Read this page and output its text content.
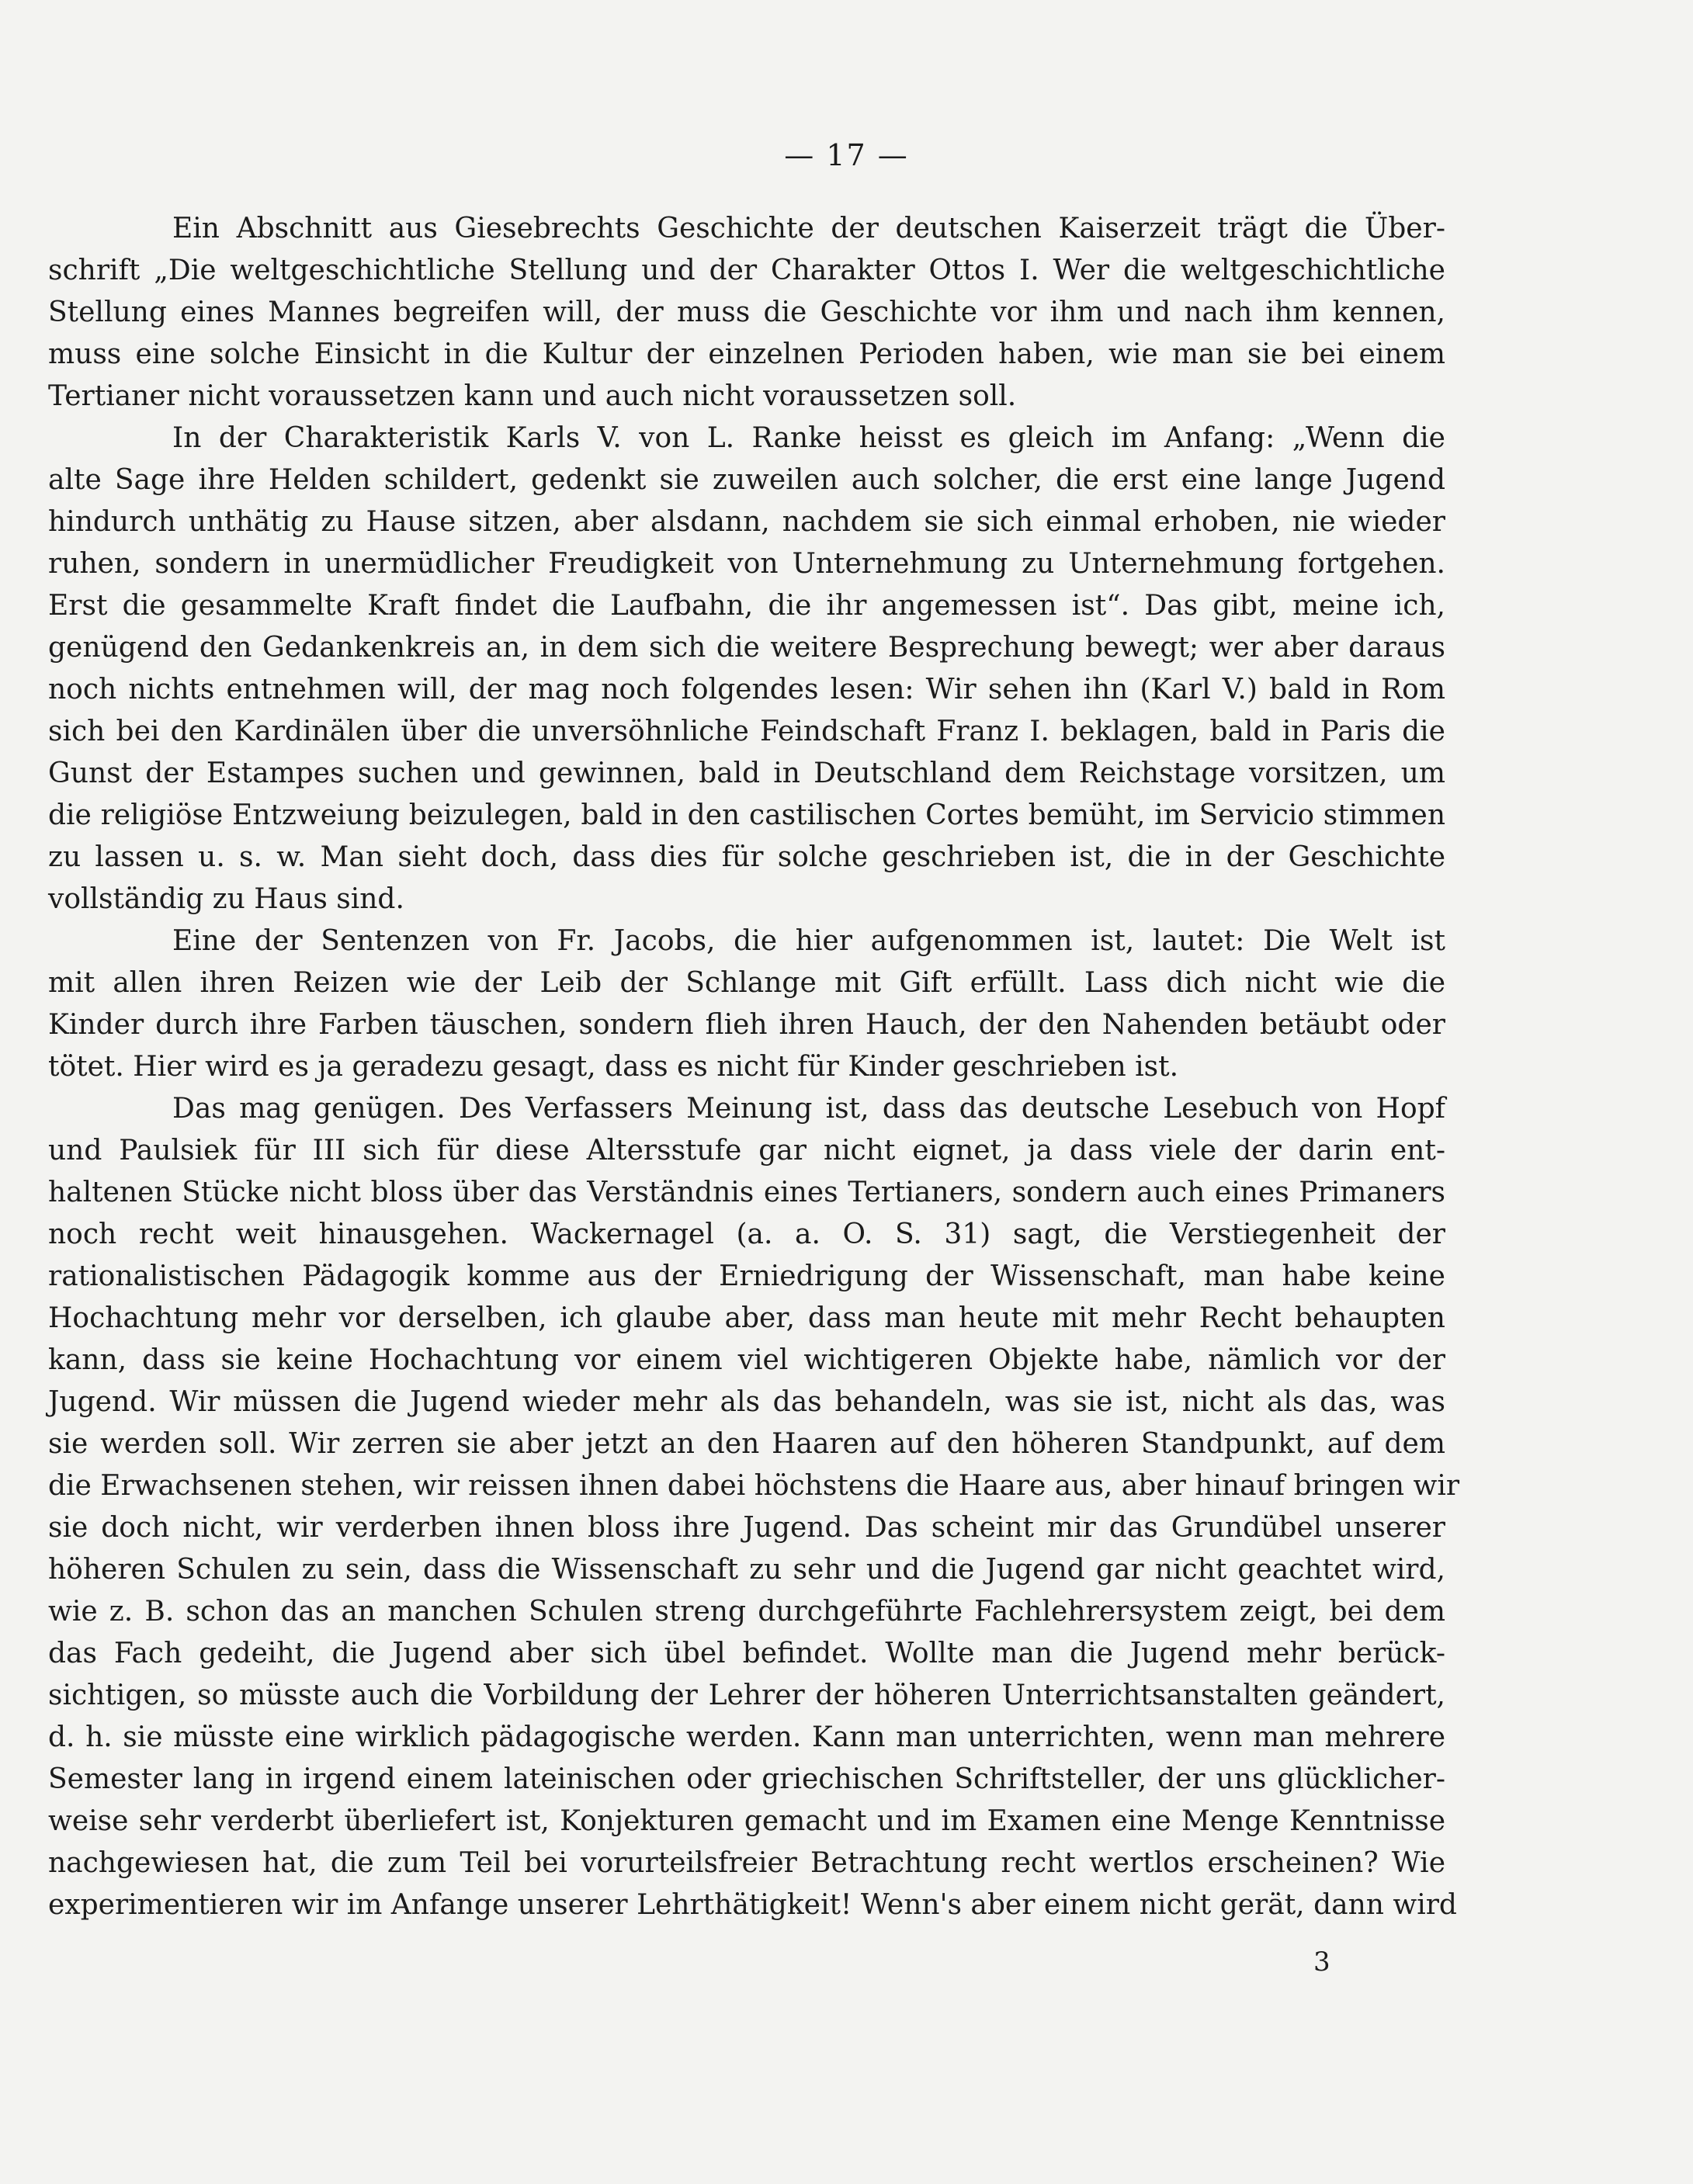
— 17 —
Ein Abschnitt aus Giesebrechts Geschichte der deutschen Kaiserzeit trägt die Über-
schrift „Die weltgeschichtliche Stellung und der Charakter Ottos I. Wer die weltgeschichtliche
Stellung eines Mannes begreifen will, der muss die Geschichte vor ihm und nach ihm kennen,
muss eine solche Einsicht in die Kultur der einzelnen Perioden haben, wie man sie bei einem
Tertianer nicht voraussetzen kann und auch nicht voraussetzen soll.
In der Charakteristik Karls V. von L. Ranke heisst es gleich im Anfang: „Wenn die
alte Sage ihre Helden schildert, gedenkt sie zuweilen auch solcher, die erst eine lange Jugend
hindurch unthätig zu Hause sitzen, aber alsdann, nachdem sie sich einmal erhoben, nie wieder
ruhen, sondern in unermüdlicher Freudigkeit von Unternehmung zu Unternehmung fortgehen.
Erst die gesammelte Kraft findet die Laufbahn, die ihr angemessen ist“. Das gibt, meine ich,
genügend den Gedankenkreis an, in dem sich die weitere Besprechung bewegt; wer aber daraus
noch nichts entnehmen will, der mag noch folgendes lesen: Wir sehen ihn (Karl V.) bald in Rom
sich bei den Kardinälen über die unversöhnliche Feindschaft Franz I. beklagen, bald in Paris die
Gunst der Estampes suchen und gewinnen, bald in Deutschland dem Reichstage vorsitzen, um
die religiöse Entzweiung beizulegen, bald in den castilischen Cortes bemüht, im Servicio stimmen
zu lassen u. s. w. Man sieht doch, dass dies für solche geschrieben ist, die in der Geschichte
vollständig zu Haus sind.
Eine der Sentenzen von Fr. Jacobs, die hier aufgenommen ist, lautet: Die Welt ist
mit allen ihren Reizen wie der Leib der Schlange mit Gift erfüllt. Lass dich nicht wie die
Kinder durch ihre Farben täuschen, sondern flieh ihren Hauch, der den Nahenden betäubt oder
tötet. Hier wird es ja geradezu gesagt, dass es nicht für Kinder geschrieben ist.
Das mag genügen. Des Verfassers Meinung ist, dass das deutsche Lesebuch von Hopf
und Paulsiek für III sich für diese Altersstufe gar nicht eignet, ja dass viele der darin ent-
haltenen Stücke nicht bloss über das Verständnis eines Tertianers, sondern auch eines Primaners
noch recht weit hinausgehen. Wackernagel (a. a. O. S. 31) sagt, die Verstiegenheit der
rationalistischen Pädagogik komme aus der Erniedrigung der Wissenschaft, man habe keine
Hochachtung mehr vor derselben, ich glaube aber, dass man heute mit mehr Recht behaupten
kann, dass sie keine Hochachtung vor einem viel wichtigeren Objekte habe, nämlich vor der
Jugend. Wir müssen die Jugend wieder mehr als das behandeln, was sie ist, nicht als das, was
sie werden soll. Wir zerren sie aber jetzt an den Haaren auf den höheren Standpunkt, auf dem
die Erwachsenen stehen, wir reissen ihnen dabei höchstens die Haare aus, aber hinauf bringen wir
sie doch nicht, wir verderben ihnen bloss ihre Jugend. Das scheint mir das Grundübel unserer
höheren Schulen zu sein, dass die Wissenschaft zu sehr und die Jugend gar nicht geachtet wird,
wie z. B. schon das an manchen Schulen streng durchgeführte Fachlehrersystem zeigt, bei dem
das Fach gedeiht, die Jugend aber sich übel befindet. Wollte man die Jugend mehr berück-
sichtigen, so müsste auch die Vorbildung der Lehrer der höheren Unterrichtsanstalten geändert,
d. h. sie müsste eine wirklich pädagogische werden. Kann man unterrichten, wenn man mehrere
Semester lang in irgend einem lateinischen oder griechischen Schriftsteller, der uns glücklicher-
weise sehr verderbt überliefert ist, Konjekturen gemacht und im Examen eine Menge Kenntnisse
nachgewiesen hat, die zum Teil bei vorurteilsfreier Betrachtung recht wertlos erscheinen? Wie
experimentieren wir im Anfange unserer Lehrthätigkeit! Wenn's aber einem nicht gerät, dann wird
3
